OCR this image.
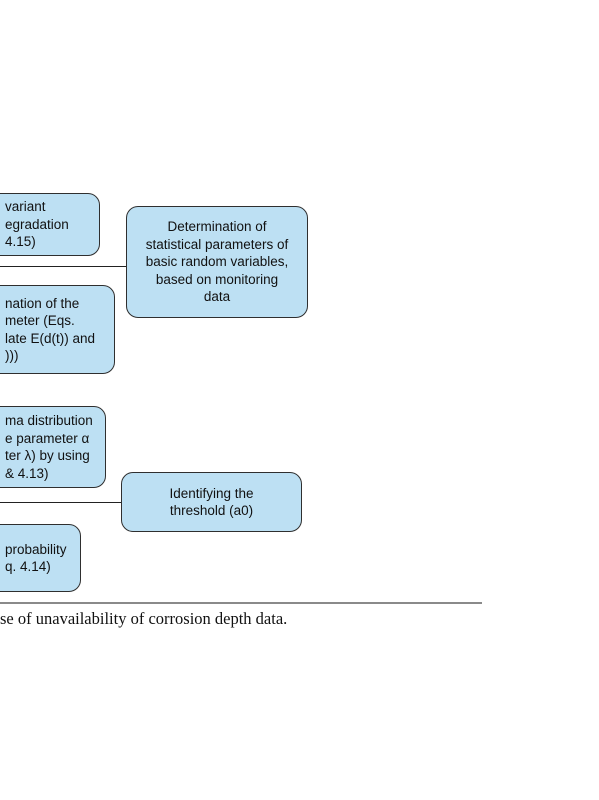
variant
egradation
4.15)
nation of the
meter (Eqs.
late E(d(t)) and
)))
ma distribution
e parameter α
ter λ) by using
& 4.13)
probability
q. 4.14)
Determination of
statistical parameters of
basic random variables,
based on monitoring
data
Identifying the
threshold (a0)
se of unavailability of corrosion depth data.
